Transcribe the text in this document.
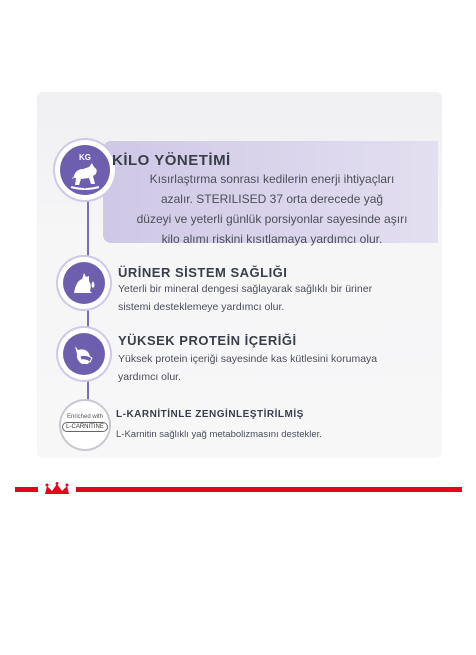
KG	KİLO YÖNETİMİ
Kısırlaştırma sonrası kedilerin enerji ihtiyaçları
azalır. STERILISED 37 orta derecede yağ
düzeyi ve yeterli günlük porsiyonlar sayesinde aşırı
kilo alımı riskini kısıtlamaya yardımcı olur.
ÜRİNER SİSTEM SAĞLIĞI
Yeterli bir mineral dengesi sağlayarak sağlıklı bir üriner
sistemi desteklemeye yardımcı olur.
YÜKSEK PROTEİN İÇERİĞİ
Yüksek protein içeriği sayesinde kas kütlesini korumaya
yardımcı olur.
Enriched with
L-CARNITINE
L-KARNİTİNLE ZENGİNLEŞTİRİLMİŞ
L-Karnitin sağlıklı yağ metabolizmasını destekler.
